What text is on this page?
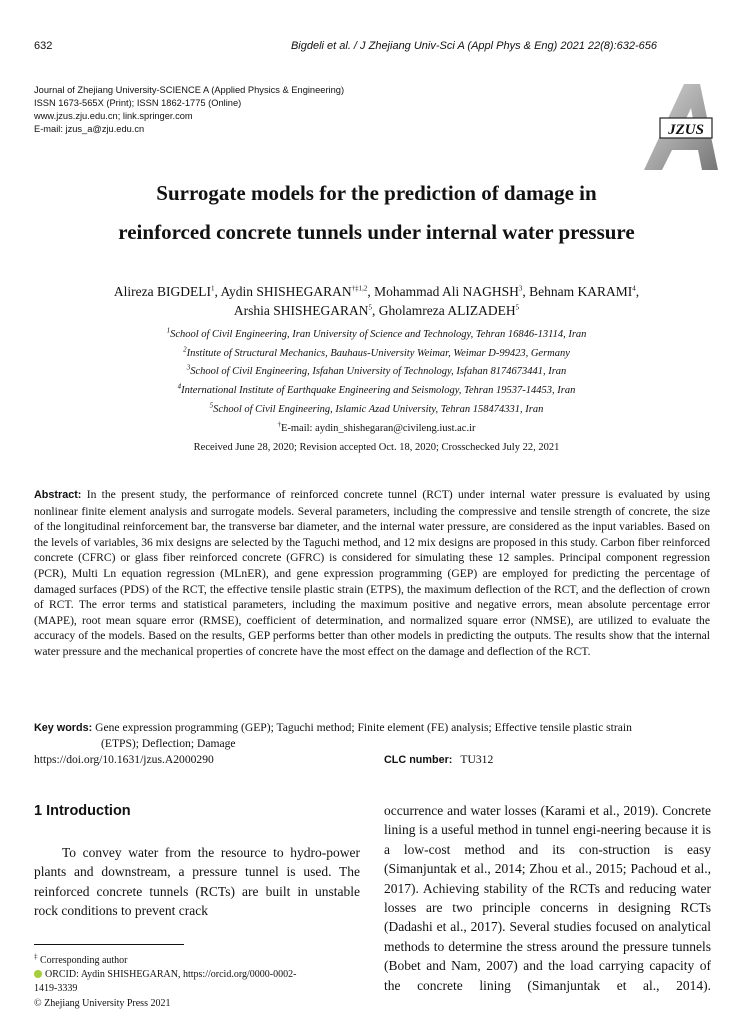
632	Bigdeli et al. / J Zhejiang Univ-Sci A (Appl Phys & Eng) 2021 22(8):632-656
Journal of Zhejiang University-SCIENCE A (Applied Physics & Engineering)
ISSN 1673-565X (Print); ISSN 1862-1775 (Online)
www.jzus.zju.edu.cn; link.springer.com
E-mail: jzus_a@zju.edu.cn	JZUS
Surrogate models for the prediction of damage in
reinforced concrete tunnels under internal water pressure
Alireza BIGDELI$^1$, Aydin SHISHEGARAN$^{\dagger\ddagger 1,2}$, Mohammad Ali NAGHSH$^3$, Behnam KARAMI$^4$,
Arshia SHISHEGARAN$^5$, Gholamreza ALIZADEH$^5$
$^1$School of Civil Engineering, Iran University of Science and Technology, Tehran 16846-13114, Iran
$^2$Institute of Structural Mechanics, Bauhaus-University Weimar, Weimar D-99423, Germany
$^3$School of Civil Engineering, Isfahan University of Technology, Isfahan 8174673441, Iran
$^4$International Institute of Earthquake Engineering and Seismology, Tehran 19537-14453, Iran
$^5$School of Civil Engineering, Islamic Azad University, Tehran 158474331, Iran
†E-mail: aydin_shishegaran@civileng.iust.ac.ir
Received June 28, 2020; Revision accepted Oct. 18, 2020; Crosschecked July 22, 2021
Abstract: In the present study, the performance of reinforced concrete tunnel (RCT) under internal water pressure is evaluated by using nonlinear finite element analysis and surrogate models. Several parameters, including the compressive and tensile strength of concrete, the size of the longitudinal reinforcement bar, the transverse bar diameter, and the internal water pressure, are considered as the input variables. Based on the levels of variables, 36 mix designs are selected by the Taguchi method, and 12 mix designs are proposed in this study. Carbon fiber reinforced concrete (CFRC) or glass fiber reinforced concrete (GFRC) is considered for simulating these 12 samples. Principal component regression (PCR), Multi Ln equation regression (MLnER), and gene expression programming (GEP) are employed for predicting the percentage of damaged surfaces (PDS) of the RCT, the effective tensile plastic strain (ETPS), the maximum deflection of the RCT, and the deflection of crown of RCT. The error terms and statistical parameters, including the maximum positive and negative errors, mean absolute percentage error (MAPE), root mean square error (RMSE), coefficient of determination, and normalized square error (NMSE), are utilized to evaluate the accuracy of the models. Based on the results, GEP performs better than other models in predicting the outputs. The results show that the internal water pressure and the mechanical properties of concrete have the most effect on the damage and deflection of the RCT.
Key words: Gene expression programming (GEP); Taguchi method; Finite element (FE) analysis; Effective tensile plastic strain
(ETPS); Deflection; Damage
https://doi.org/10.1631/jzus.A2000290	CLC number: TU312
1 Introduction
To convey water from the resource to hydro-power plants and downstream, a pressure tunnel is used. The reinforced concrete tunnels (RCTs) are built in unstable rock conditions to prevent crack
occurrence and water losses (Karami et al., 2019). Concrete lining is a useful method in tunnel engi-neering because it is a low-cost method and its con-struction is easy (Simanjuntak et al., 2014; Zhou et al., 2015; Pachoud et al., 2017). Achieving stability of the RCTs and reducing water losses are two principle concerns in designing RCTs (Dadashi et al., 2017). Several studies focused on analytical methods to determine the stress around the pressure tunnels (Bobet and Nam, 2007) and the load carrying capacity of the concrete lining (Simanjuntak et al., 2014).
‡ Corresponding author
ORCID: Aydin SHISHEGARAN, https://orcid.org/0000-0002-
1419-3339
© Zhejiang University Press 2021
